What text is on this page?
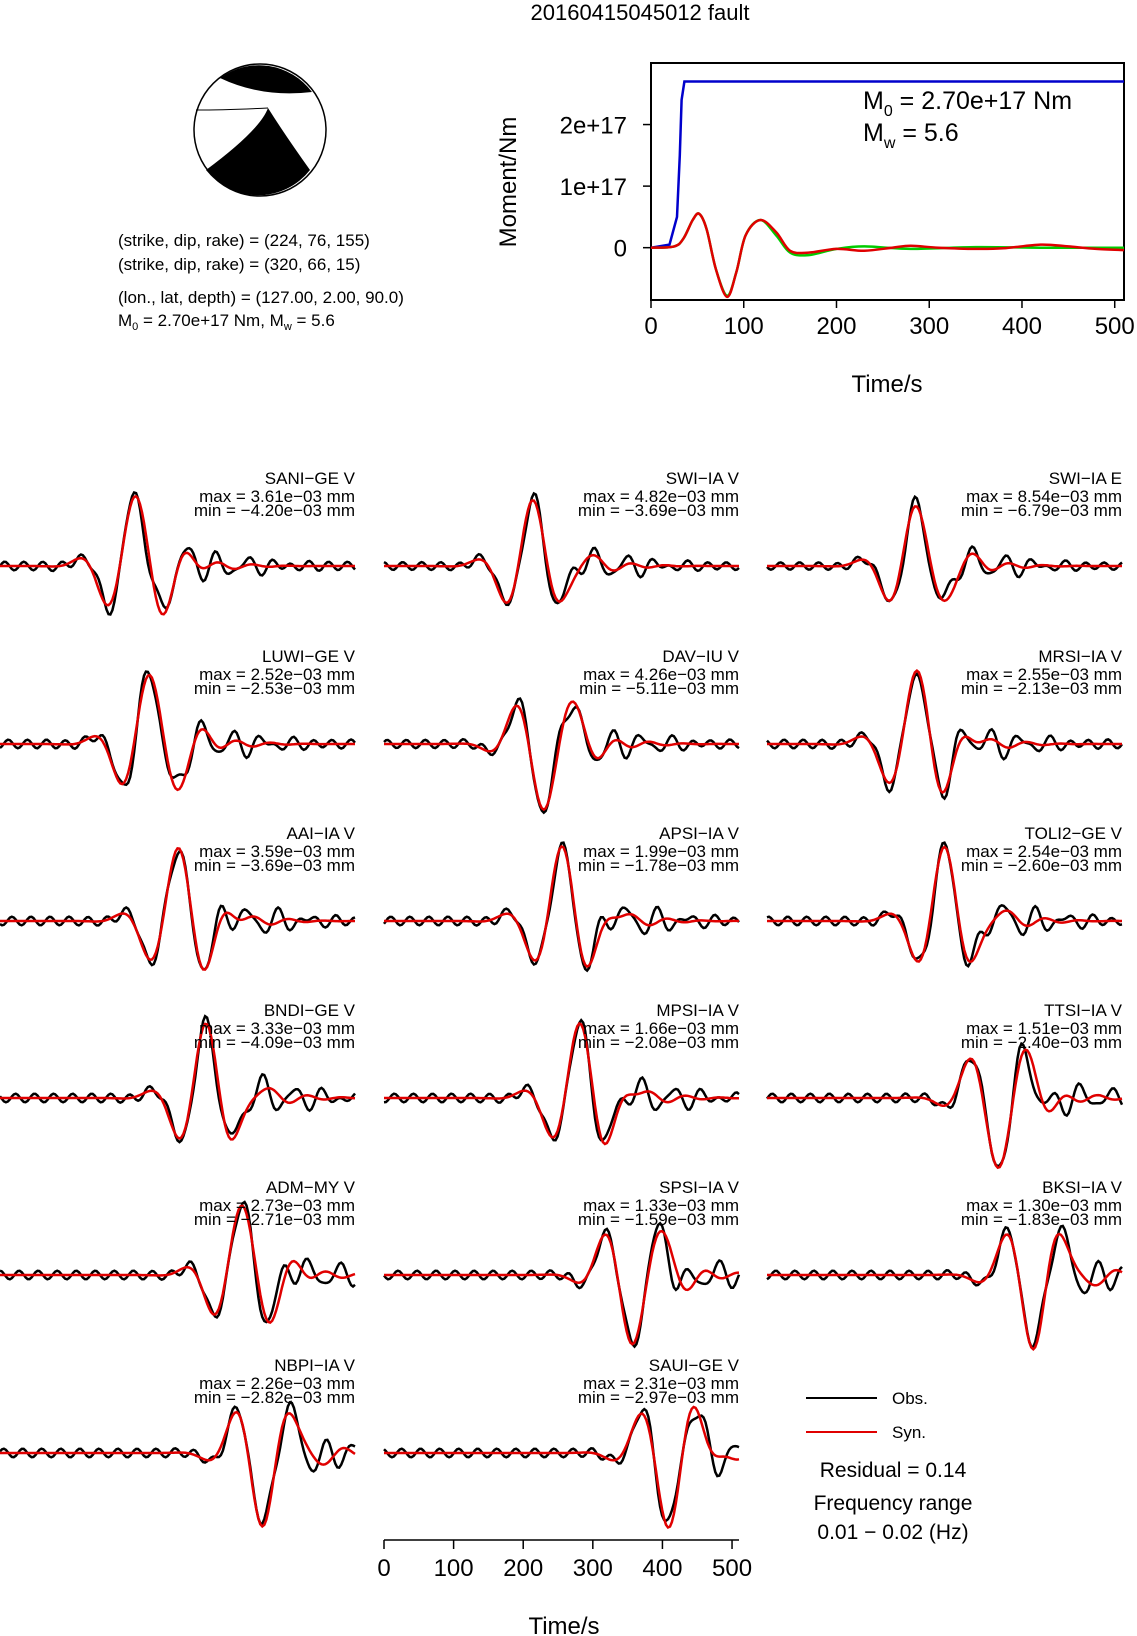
20160415045012 fault
(strike, dip, rake) = (224, 76, 155)
(strike, dip, rake) = (320, 66, 15)
(lon., lat, depth) = (127.00, 2.00, 90.0)
$M_0 = 2.70e+17$ Nm, $M_w = 5.6$	0	100 200 300 400 500
0
1e+17
2e+17
$M_0 = 2.70e+17$ Nm
$M_w = 5.6$
Time/s
Moment/Nm
SANI−GE V
max = 3.61e−03 mm
min = −4.20e−03 mm
SWI−IA V
max = 4.82e−03 mm
min = −3.69e−03 mm
SWI−IA E
max = 8.54e−03 mm
min = −6.79e−03 mm
LUWI−GE V
max = 2.52e−03 mm
min = −2.53e−03 mm
DAV−IU V
max = 4.26e−03 mm
min = −5.11e−03 mm
MRSI−IA V
max = 2.55e−03 mm
min = −2.13e−03 mm
AAI−IA V
max = 3.59e−03 mm
min = −3.69e−03 mm
APSI−IA V
max = 1.99e−03 mm
min = −1.78e−03 mm
TOLI2−GE V
max = 2.54e−03 mm
min = −2.60e−03 mm
BNDI−GE V
max = 3.33e−03 mm
min = −4.09e−03 mm
MPSI−IA V
max = 1.66e−03 mm
min = −2.08e−03 mm
TTSI−IA V
max = 1.51e−03 mm
min = −2.40e−03 mm
ADM−MY V
max = 2.73e−03 mm
min = −2.71e−03 mm
SPSI−IA V
max = 1.33e−03 mm
min = −1.59e−03 mm
BKSI−IA V
max = 1.30e−03 mm
min = −1.83e−03 mm
NBPI−IA V
max = 2.26e−03 mm
min = −2.82e−03 mm
SAUI−GE V
max = 2.31e−03 mm
min = −2.97e−03 mm
0 100 200 300 400 500
Time/s
Obs.
Syn.
Residual = 0.14
Frequency range
0.01 − 0.02 (Hz)
